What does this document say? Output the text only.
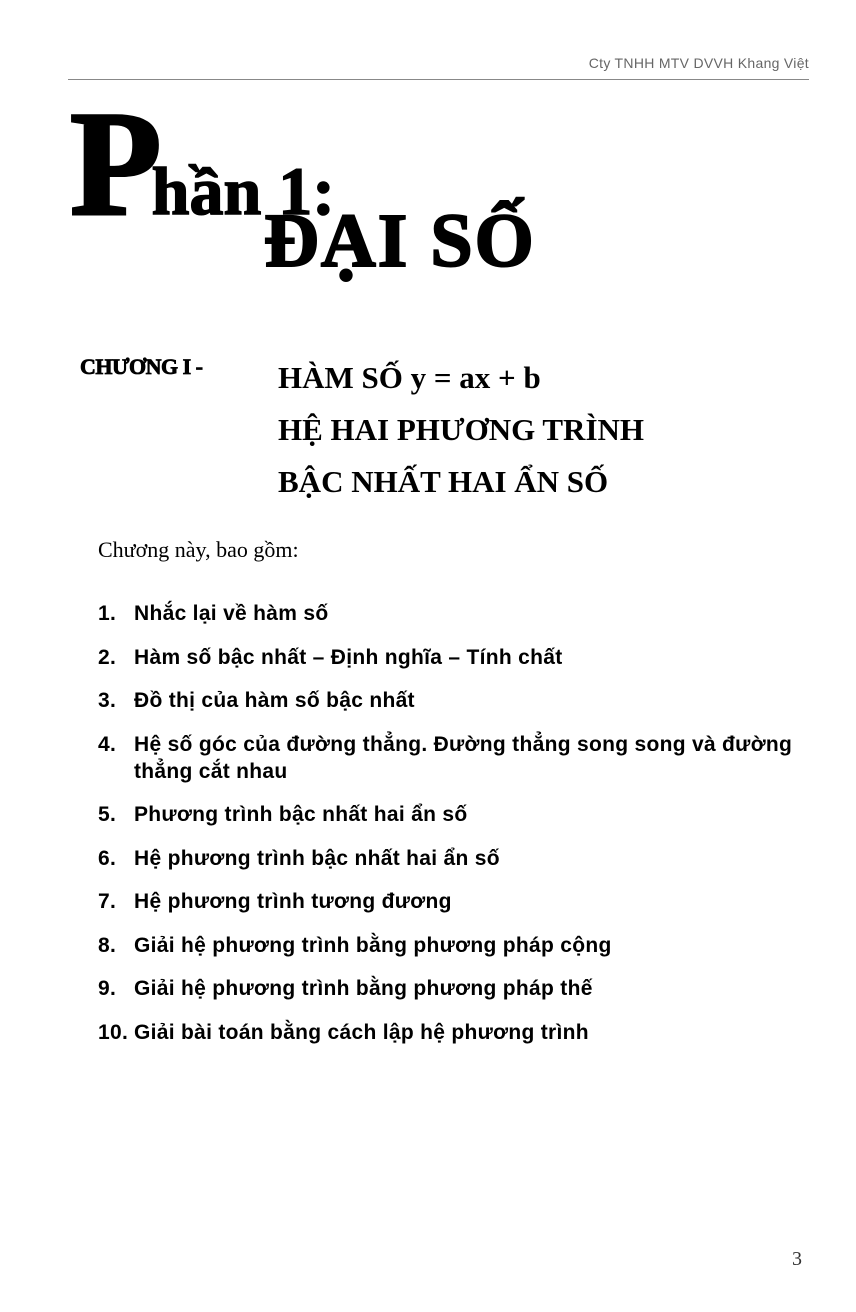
Cty TNHH MTV DVVH Khang Việt
Phần 1:
ĐẠI SỐ
CHƯƠNG I - HÀM SỐ y = ax + b
HỆ HAI PHƯƠNG TRÌNH
BẬC NHẤT HAI ẨN SỐ
Chương này, bao gồm:
1. Nhắc lại về hàm số
2. Hàm số bậc nhất – Định nghĩa – Tính chất
3. Đồ thị của hàm số bậc nhất
4. Hệ số góc của đường thẳng. Đường thẳng song song và đường thẳng cắt nhau
5. Phương trình bậc nhất hai ẩn số
6. Hệ phương trình bậc nhất hai ẩn số
7. Hệ phương trình tương đương
8. Giải hệ phương trình bằng phương pháp cộng
9. Giải hệ phương trình bằng phương pháp thế
10. Giải bài toán bằng cách lập hệ phương trình
3
